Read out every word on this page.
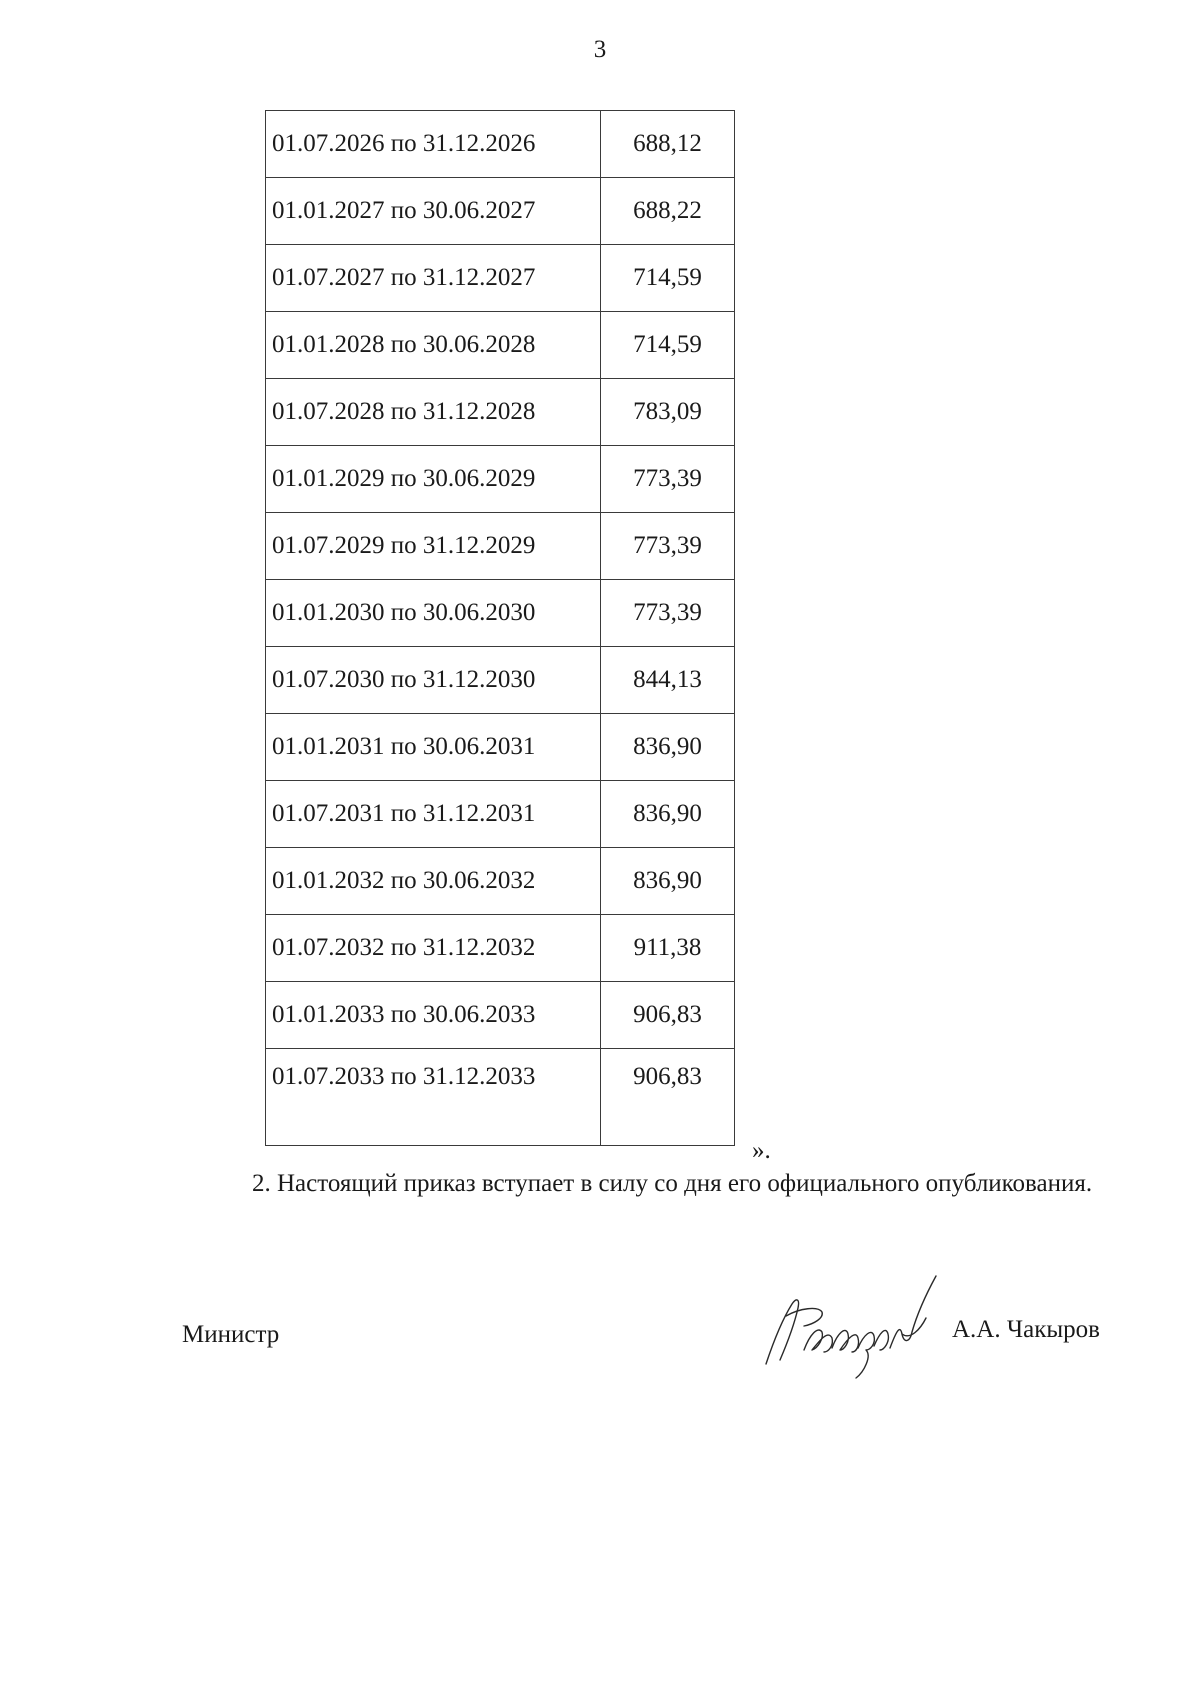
3
01.07.2026 по 31.12.2026	688,12
01.01.2027 по 30.06.2027	688,22
01.07.2027 по 31.12.2027	714,59
01.01.2028 по 30.06.2028	714,59
01.07.2028 по 31.12.2028	783,09
01.01.2029 по 30.06.2029	773,39
01.07.2029 по 31.12.2029	773,39
01.01.2030 по 30.06.2030	773,39
01.07.2030 по 31.12.2030	844,13
01.01.2031 по 30.06.2031	836,90
01.07.2031 по 31.12.2031	836,90
01.01.2032 по 30.06.2032	836,90
01.07.2032 по 31.12.2032	911,38
01.01.2033 по 30.06.2033	906,83
01.07.2033 по 31.12.2033	906,83
».
2. Настоящий приказ вступает в силу со дня его официального опубликования.
Министр	А.А. Чакыров
